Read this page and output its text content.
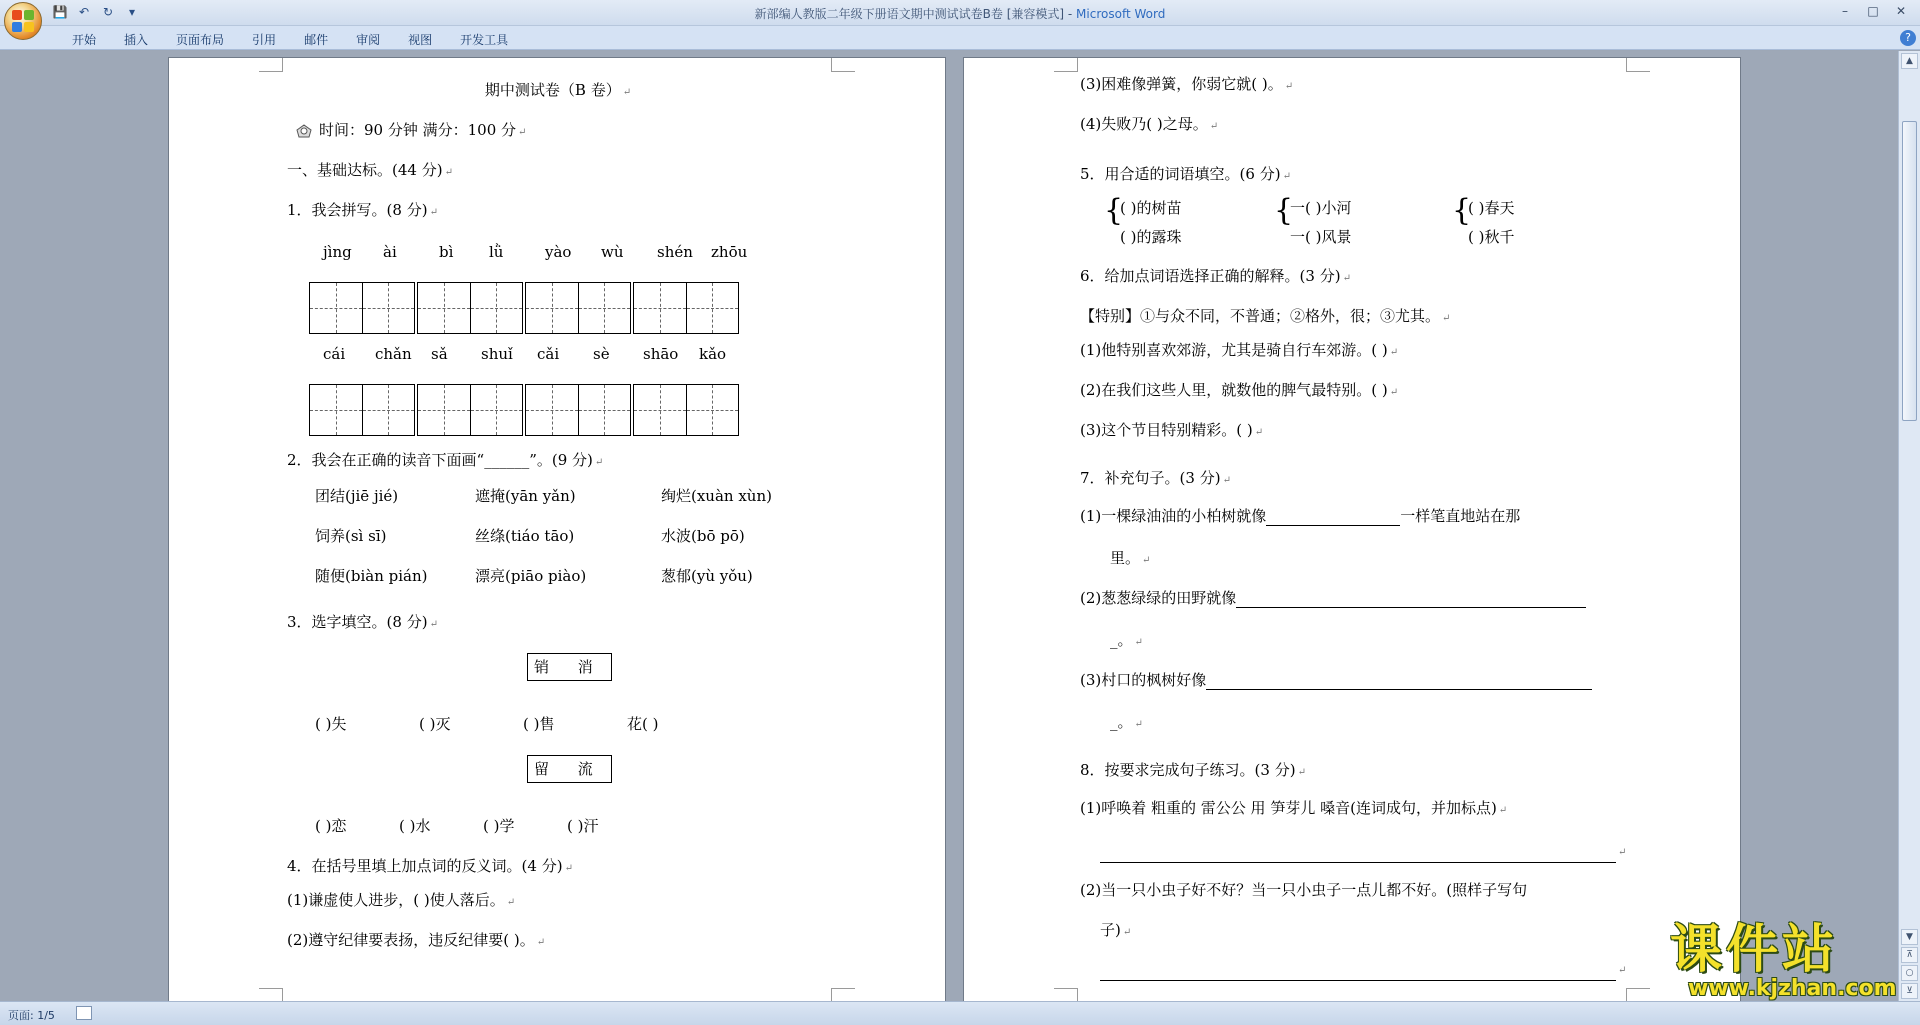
💾 ↶ ↻	▾	新部编人教版二年级下册语文期中测试试卷B卷 [兼容模式] - Microsoft Word	–	□	✕
开始	插入	页面布局	引用	邮件	审阅	视图	开发工具	?
期中测试卷（B 卷） ↵
时间：90 分钟 满分：100 分 ↵
一、基础达标。(44 分) ↵
1．我会拼写。(8 分) ↵
jìng	ài	bì	lǜ	yào	wù	shén	zhōu
cái	chǎn	sǎ	shuǐ	cǎi	sè	shāo	kǎo
2．我会在正确的读音下面画“______”。(9 分) ↵
团结(jiē jié)	遮掩(yān yǎn)	绚烂(xuàn xùn)
饲养(sì sī)	丝绦(tiáo tāo)	水波(bō pō)
随便(biàn pián)	漂亮(piāo piào)	葱郁(yù yǒu)
3．选字填空。(8 分) ↵
销 消
( )失	( )灭	( )售	花( )
留 流
( )恋	( )水	( )学	( )汗
4．在括号里填上加点词的反义词。(4 分) ↵
(1)谦虚使人进步，( )使人落后。 ↵
(2)遵守纪律要表扬，违反纪律要( )。 ↵
(3)困难像弹簧，你弱它就( )。 ↵
(4)失败乃( )之母。 ↵
5．用合适的词语填空。(6 分) ↵
{
( )的树苗
( )的露珠
{
一( )小河
一( )风景
{
( )春天
( )秋千
6．给加点词语选择正确的解释。(3 分) ↵
【特别】①与众不同，不普通；②格外，很；③尤其。 ↵
(1)他特别喜欢郊游，尤其是骑自行车郊游。( ) ↵
(2)在我们这些人里，就数他的脾气最特别。( ) ↵
(3)这个节目特别精彩。( ) ↵
7．补充句子。(3 分) ↵
(1)一棵绿油油的小柏树就像	一样笔直地站在那
里。 ↵
(2)葱葱绿绿的田野就像
_。 ↵
(3)村口的枫树好像
_。 ↵
8．按要求完成句子练习。(3 分) ↵
(1)呼唤着 粗重的 雷公公 用 笋芽儿 嗓音(连词成句，并加标点) ↵
↵
(2)当一只小虫子好不好？当一只小虫子一点儿都不好。(照样子写句
子) ↵
↵
▲
▼
⊼
○
⊻
页面: 1/5
课件站
www.kjzhan.com
